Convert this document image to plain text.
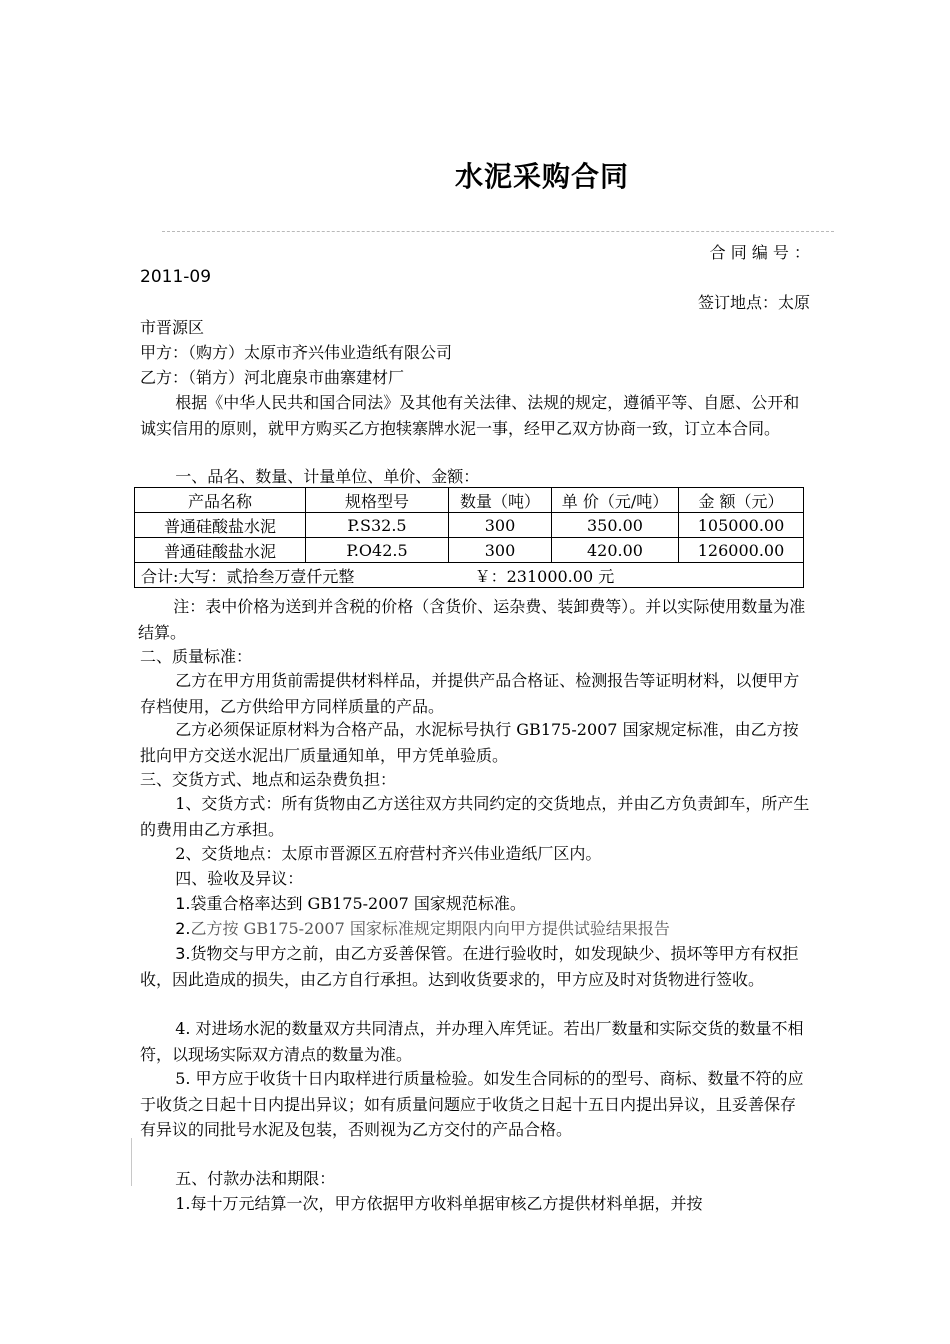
水泥采购合同
合 同 编 号 ：
2011-09
签订地点：太原
市晋源区
甲方：（购方）太原市齐兴伟业造纸有限公司
乙方：（销方）河北鹿泉市曲寨建材厂

根据《中华人民共和国合同法》及其他有关法律、法规的规定，遵循平等、自愿、公开和诚实信用的原则，就甲方购买乙方抱犊寨牌水泥一事，经甲乙双方协商一致，订立本合同。

一、品名、数量、计量单位、单价、金额：

产品名称	规格型号	数量（吨）	单 价（元/吨）	金 额（元）
普通硅酸盐水泥	P.S32.5	300	350.00	105000.00
普通硅酸盐水泥	P.O42.5	300	420.00	126000.00
合计:大写：贰拾叁万壹仟元整 ￥：231000.00 元				

注：表中价格为送到并含税的价格（含货价、运杂费、装卸费等）。并以实际使用数量为准结算。

二、质量标准：

乙方在甲方用货前需提供材料样品，并提供产品合格证、检测报告等证明材料，以便甲方存档使用，乙方供给甲方同样质量的产品。

乙方必须保证原材料为合格产品，水泥标号执行 GB175-2007 国家规定标准，由乙方按批向甲方交送水泥出厂质量通知单，甲方凭单验质。

三、交货方式、地点和运杂费负担：

1、交货方式：所有货物由乙方送往双方共同约定的交货地点，并由乙方负责卸车，所产生的费用由乙方承担。

2、交货地点：太原市晋源区五府营村齐兴伟业造纸厂区内。

四、验收及异议：

1.袋重合格率达到 GB175-2007 国家规范标准。

2.乙方按 GB175-2007 国家标准规定期限内向甲方提供试验结果报告

3.货物交与甲方之前，由乙方妥善保管。在进行验收时，如发现缺少、损坏等甲方有权拒收，因此造成的损失，由乙方自行承担。达到收货要求的，甲方应及时对货物进行签收。

4. 对进场水泥的数量双方共同清点，并办理入库凭证。若出厂数量和实际交货的数量不相符，以现场实际双方清点的数量为准。

5. 甲方应于收货十日内取样进行质量检验。如发生合同标的的型号、商标、数量不符的应于收货之日起十日内提出异议；如有质量问题应于收货之日起十五日内提出异议，且妥善保存有异议的同批号水泥及包装，否则视为乙方交付的产品合格。

五、付款办法和期限：

1.每十万元结算一次，甲方依据甲方收料单据审核乙方提供材料单据，并按
